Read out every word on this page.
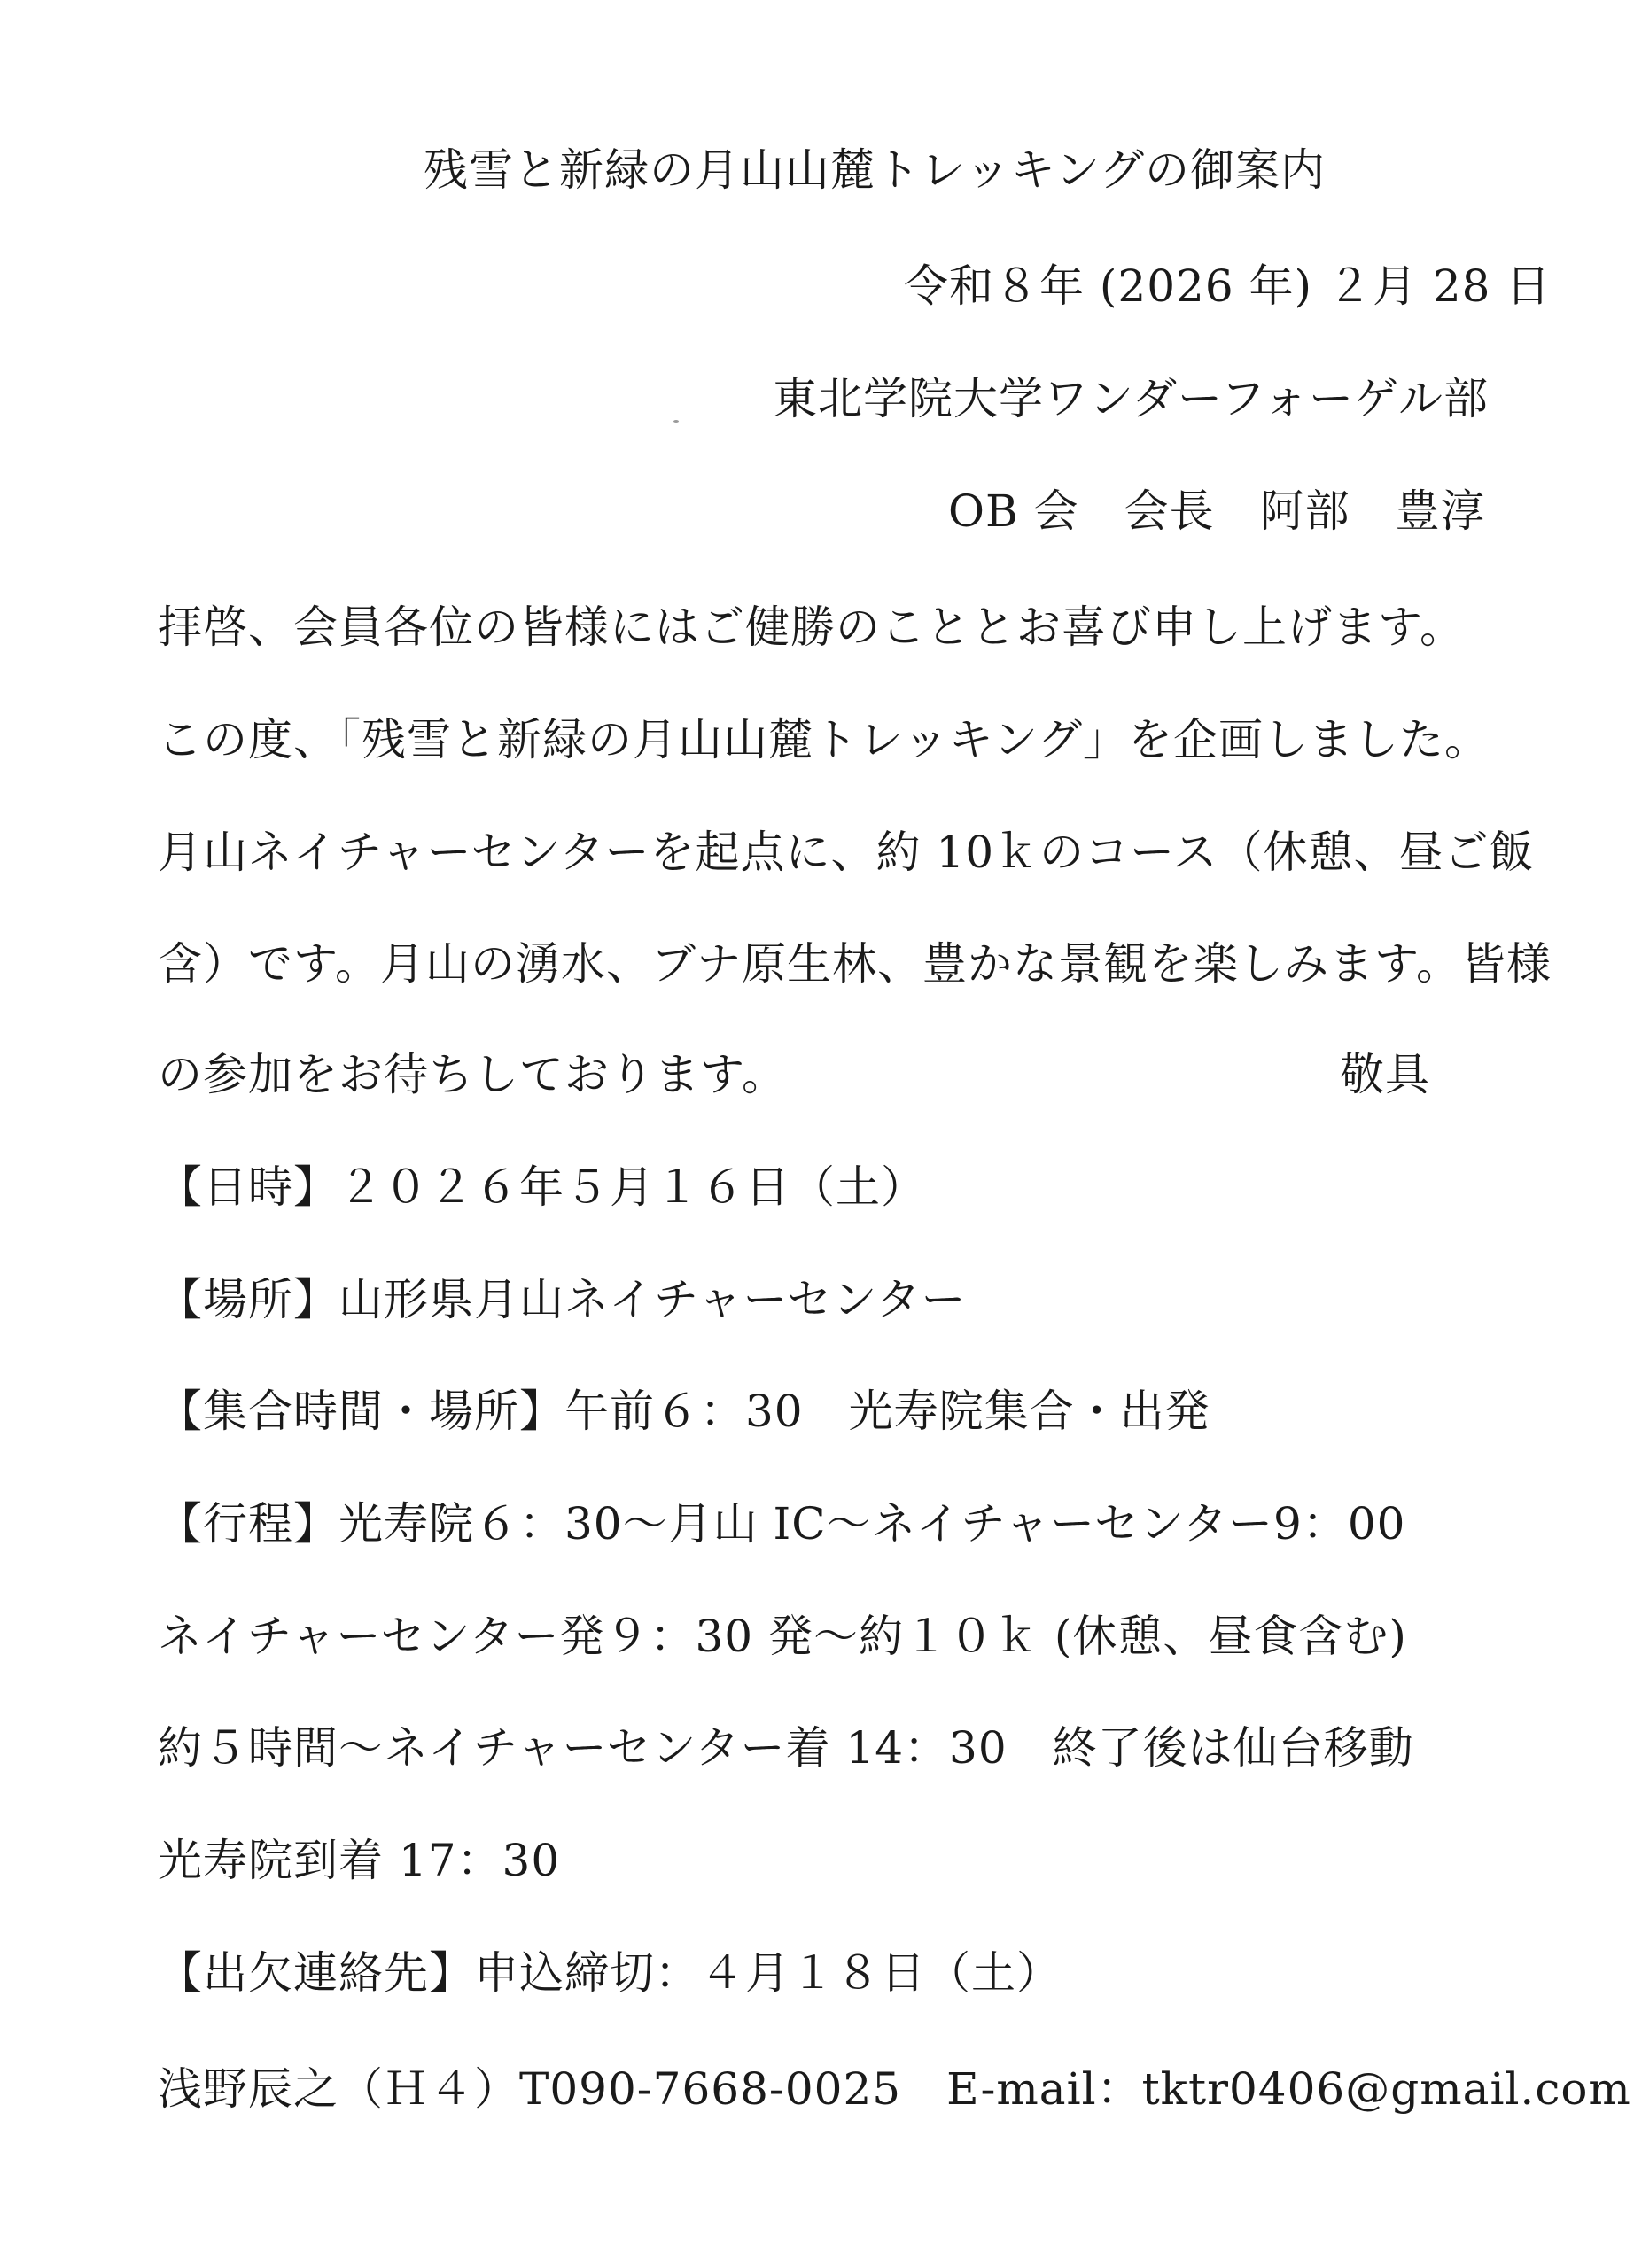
残雪と新緑の月山山麓トレッキングの御案内
令和８年 (2026 年) ２月 28 日
東北学院大学ワンダーフォーゲル部
OB 会　会長　阿部　豊淳
拝啓、会員各位の皆様にはご健勝のこととお喜び申し上げます。
この度、「残雪と新緑の月山山麓トレッキング」を企画しました。
月山ネイチャーセンターを起点に、約 10ｋのコース（休憩、昼ご飯
含）です。月山の湧水、ブナ原生林、豊かな景観を楽しみます。皆様
の参加をお待ちしております。	敬具
【日時】２０２６年５月１６日（土）
【場所】山形県月山ネイチャーセンター
【集合時間・場所】午前６：30　光寿院集合・出発
【行程】光寿院６：30～月山 IC～ネイチャーセンター9：00
ネイチャーセンター発９：30 発～約１０ｋ (休憩、昼食含む)
約５時間～ネイチャーセンター着 14：30　終了後は仙台移動
光寿院到着 17：30
【出欠連絡先】申込締切：４月１８日（土）
浅野辰之（Ｈ４）T090-7668-0025　E-mail：tktr0406@gmail.com
